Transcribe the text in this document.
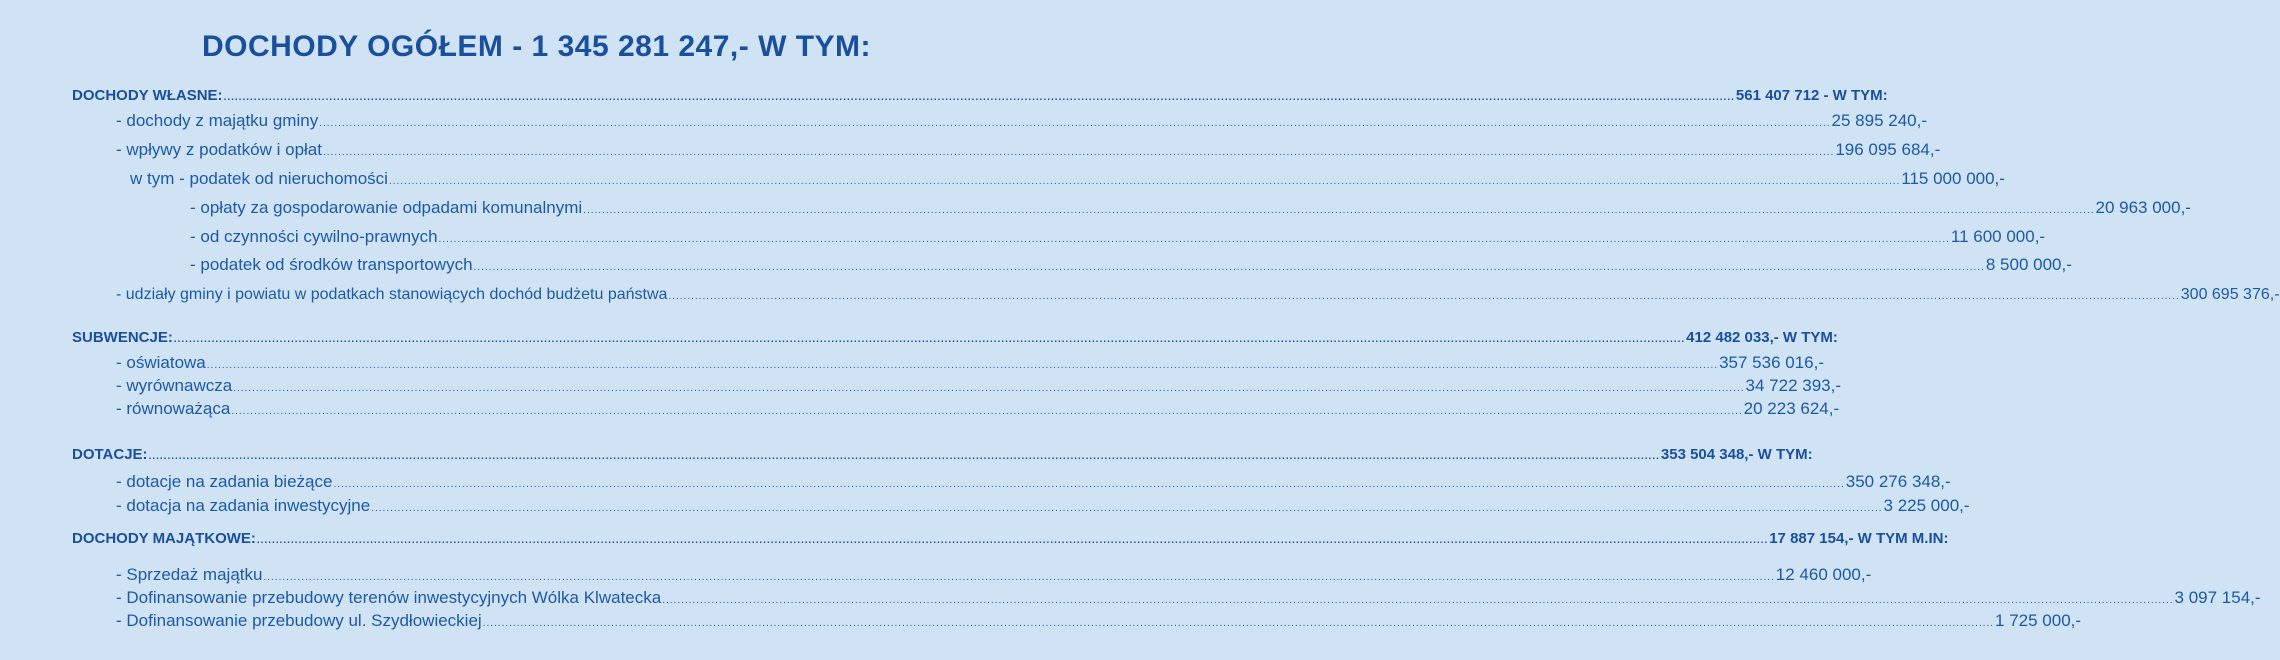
DOCHODY OGÓŁEM - 1 345 281 247,- W TYM:
DOCHODY WŁASNE: ................................................................................................................................................................................................................................................................................................................................................................................................................ 561 407 712 - W TYM:
- dochody z majątku gminy ................................................................................................................................................................................................................................................................................................................................................................................................................ 25 895 240,-
- wpływy z podatków i opłat ................................................................................................................................................................................................................................................................................................................................................................................................................ 196 095 684,-
w tym - podatek od nieruchomości ................................................................................................................................................................................................................................................................................................................................................................................................................ 115 000 000,-
- opłaty za gospodarowanie odpadami komunalnymi ................................................................................................................................................................................................................................................................................................................................................................................................................ 20 963 000,-
- od czynności cywilno-prawnych ................................................................................................................................................................................................................................................................................................................................................................................................................ 11 600 000,-
- podatek od środków transportowych ................................................................................................................................................................................................................................................................................................................................................................................................................ 8 500 000,-
- udziały gminy i powiatu w podatkach stanowiących dochód budżetu państwa ................................................................................................................................................................................................................................................................................................................................................................................................................ 300 695 376,-
SUBWENCJE: ................................................................................................................................................................................................................................................................................................................................................................................................................ 412 482 033,- W TYM:
- oświatowa ................................................................................................................................................................................................................................................................................................................................................................................................................ 357 536 016,-
- wyrównawcza ................................................................................................................................................................................................................................................................................................................................................................................................................ 34 722 393,-
- równoważąca ................................................................................................................................................................................................................................................................................................................................................................................................................ 20 223 624,-
DOTACJE: ................................................................................................................................................................................................................................................................................................................................................................................................................ 353 504 348,- W TYM:
- dotacje na zadania bieżące ................................................................................................................................................................................................................................................................................................................................................................................................................ 350 276 348,-
- dotacja na zadania inwestycyjne ................................................................................................................................................................................................................................................................................................................................................................................................................ 3 225 000,-
DOCHODY MAJĄTKOWE: ................................................................................................................................................................................................................................................................................................................................................................................................................ 17 887 154,- W TYM M.IN:
- Sprzedaż majątku ................................................................................................................................................................................................................................................................................................................................................................................................................ 12 460 000,-
- Dofinansowanie przebudowy terenów inwestycyjnych Wólka Klwatecka ................................................................................................................................................................................................................................................................................................................................................................................................................ 3 097 154,-
- Dofinansowanie przebudowy ul. Szydłowieckiej ................................................................................................................................................................................................................................................................................................................................................................................................................ 1 725 000,-
